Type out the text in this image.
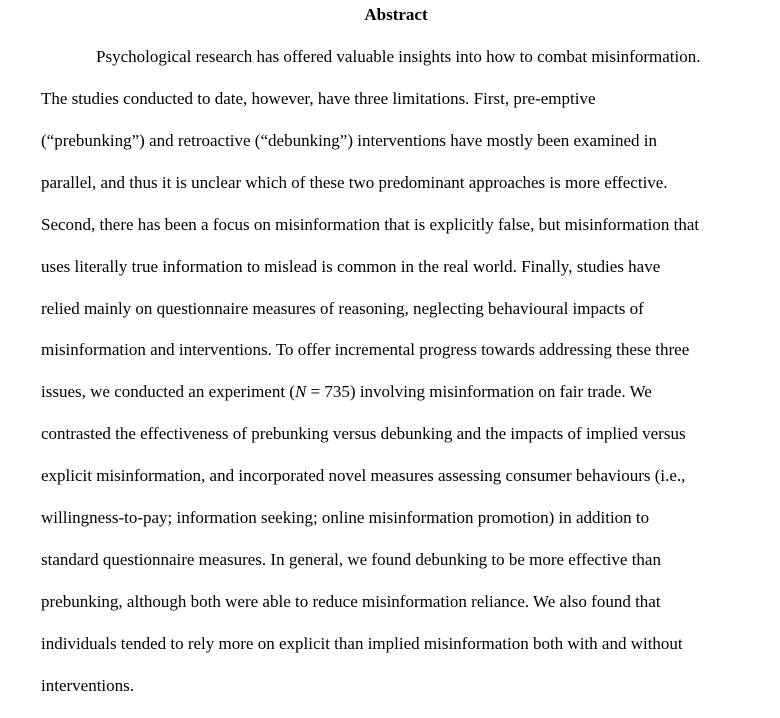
Abstract
Psychological research has offered valuable insights into how to combat misinformation.
The studies conducted to date, however, have three limitations. First, pre-emptive
(“prebunking”) and retroactive (“debunking”) interventions have mostly been examined in
parallel, and thus it is unclear which of these two predominant approaches is more effective.
Second, there has been a focus on misinformation that is explicitly false, but misinformation that
uses literally true information to mislead is common in the real world. Finally, studies have
relied mainly on questionnaire measures of reasoning, neglecting behavioural impacts of
misinformation and interventions. To offer incremental progress towards addressing these three
issues, we conducted an experiment (N = 735) involving misinformation on fair trade. We
contrasted the effectiveness of prebunking versus debunking and the impacts of implied versus
explicit misinformation, and incorporated novel measures assessing consumer behaviours (i.e.,
willingness-to-pay; information seeking; online misinformation promotion) in addition to
standard questionnaire measures. In general, we found debunking to be more effective than
prebunking, although both were able to reduce misinformation reliance. We also found that
individuals tended to rely more on explicit than implied misinformation both with and without
interventions.
